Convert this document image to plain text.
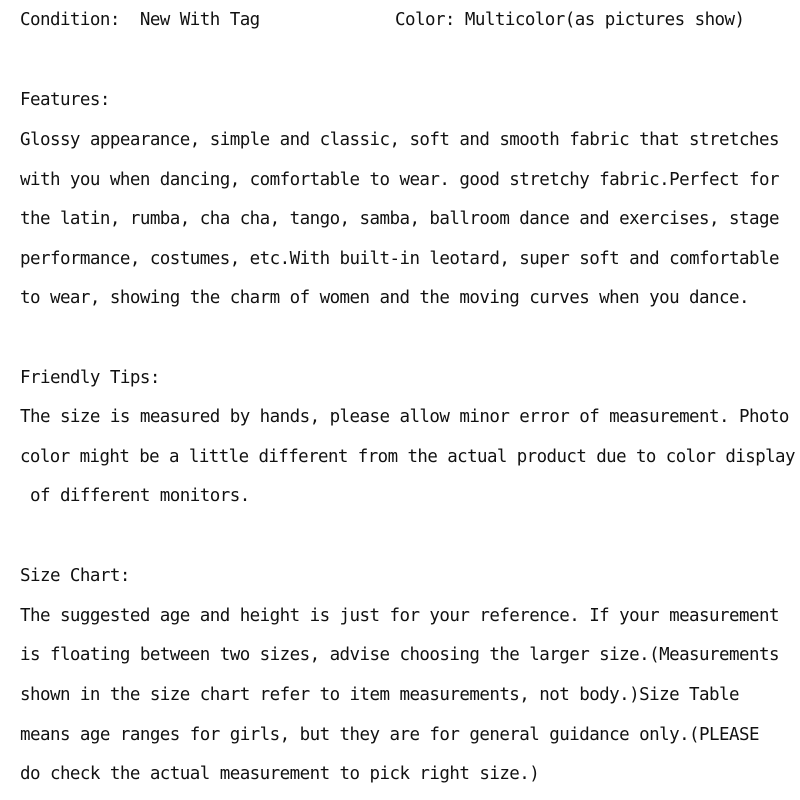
Condition:  New With Tag	Color: Multicolor(as pictures show)
Features:
Glossy appearance, simple and classic, soft and smooth fabric that stretches
with you when dancing, comfortable to wear. good stretchy fabric.Perfect for
the latin, rumba, cha cha, tango, samba, ballroom dance and exercises, stage
performance, costumes, etc.With built-in leotard, super soft and comfortable
to wear, showing the charm of women and the moving curves when you dance.
Friendly Tips:
The size is measured by hands, please allow minor error of measurement. Photo
color might be a little different from the actual product due to color display
of different monitors.
Size Chart:
The suggested age and height is just for your reference. If your measurement
is floating between two sizes, advise choosing the larger size.(Measurements
shown in the size chart refer to item measurements, not body.)Size Table
means age ranges for girls, but they are for general guidance only.(PLEASE
do check the actual measurement to pick right size.)
